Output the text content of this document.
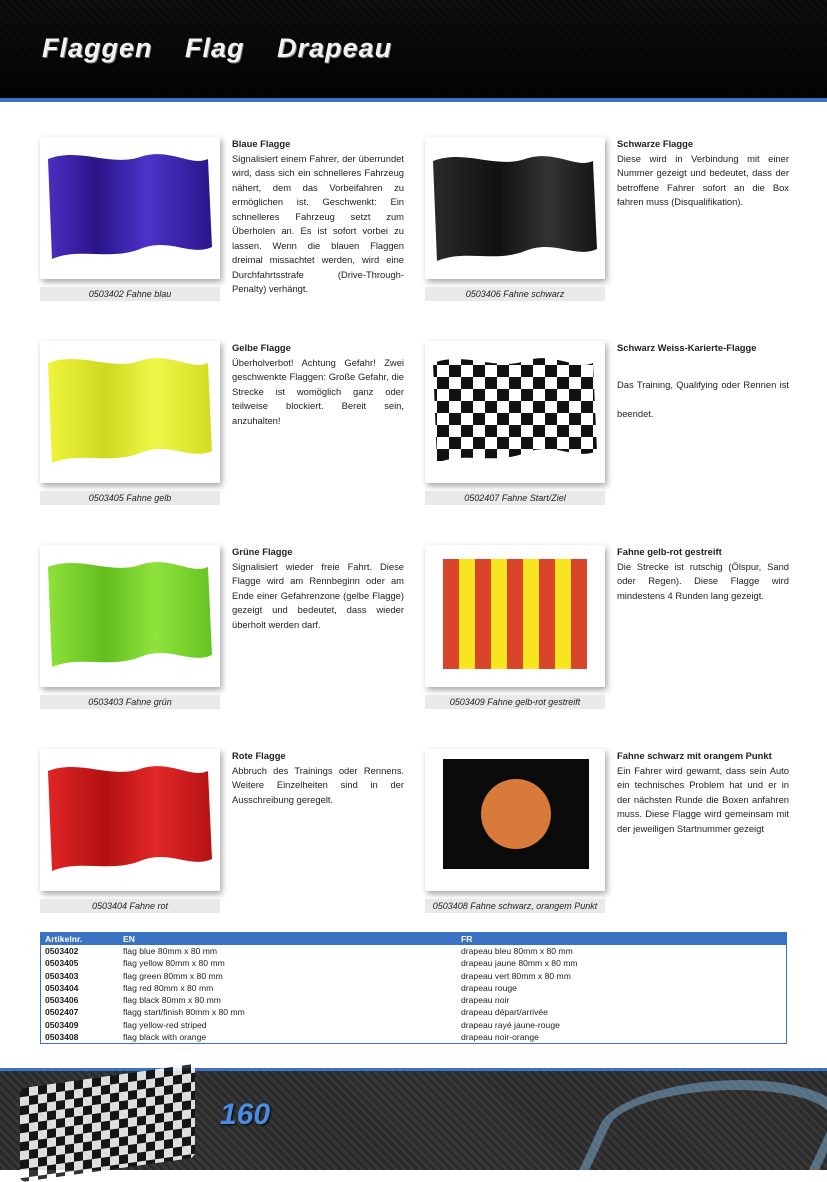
Flaggen Flag Drapeau
0503402 Fahne blau
Blaue Flagge

Signalisiert einem Fahrer, der überrundet wird, dass sich ein schnelleres Fahrzeug nähert, dem das Vorbeifahren zu ermöglichen ist. Geschwenkt: Ein schnelleres Fahrzeug setzt zum Überholen an. Es ist sofort vorbei zu lassen. Wenn die blauen Flaggen dreimal missachtet werden, wird eine Durchfahrtsstrafe (Drive-Through-Penalty) verhängt.	0503406 Fahne schwarz
Schwarze Flagge

Diese wird in Verbindung mit einer Nummer gezeigt und bedeutet, dass der betroffene Fahrer sofort an die Box fahren muss (Disqualifikation).

0503405 Fahne gelb
Gelbe Flagge

Überholverbot! Achtung Gefahr! Zwei geschwenkte Flaggen: Große Gefahr, die Strecke ist womöglich ganz oder teilweise blockiert. Bereit sein, anzuhalten!

0502407 Fahne Start/Ziel
Schwarz Weiss-Karierte-Flagge

Das Training, Qualifying oder Rennen ist beendet.

0503403 Fahne grün
Grüne Flagge

Signalisiert wieder freie Fahrt. Diese Flagge wird am Rennbeginn oder am Ende einer Gefahrenzone (gelbe Flagge) gezeigt und bedeutet, dass wieder überholt werden darf.

0503409 Fahne gelb-rot gestreift
Fahne gelb-rot gestreift

Die Strecke ist rutschig (Ölspur, Sand oder Regen). Diese Flagge wird mindestens 4 Runden lang gezeigt.

0503404 Fahne rot
Rote Flagge

Abbruch des Trainings oder Rennens. Weitere Einzelheiten sind in der Ausschreibung geregelt.

0503408 Fahne schwarz, orangem Punkt
Fahne schwarz mit orangem Punkt

Ein Fahrer wird gewarnt, dass sein Auto ein technisches Problem hat und er in der nächsten Runde die Boxen anfahren muss. Diese Flagge wird gemeinsam mit der jeweiligen Startnummer gezeigt

Artikelnr.	EN	FR
0503402	flag blue 80mm x 80 mm	drapeau bleu 80mm x 80 mm
0503405	flag yellow 80mm x 80 mm	drapeau jaune 80mm x 80 mm
0503403	flag green 80mm x 80 mm	drapeau vert 80mm x 80 mm
0503404	flag red 80mm x 80 mm	drapeau rouge
0503406	flag black 80mm x 80 mm	drapeau noir
0502407	flagg start/finish 80mm x 80 mm	drapeau départ/arrivée
0503409	flag yellow-red striped	drapeau rayé jaune-rouge
0503408	flag black with orange	drapeau noir-orange
160
